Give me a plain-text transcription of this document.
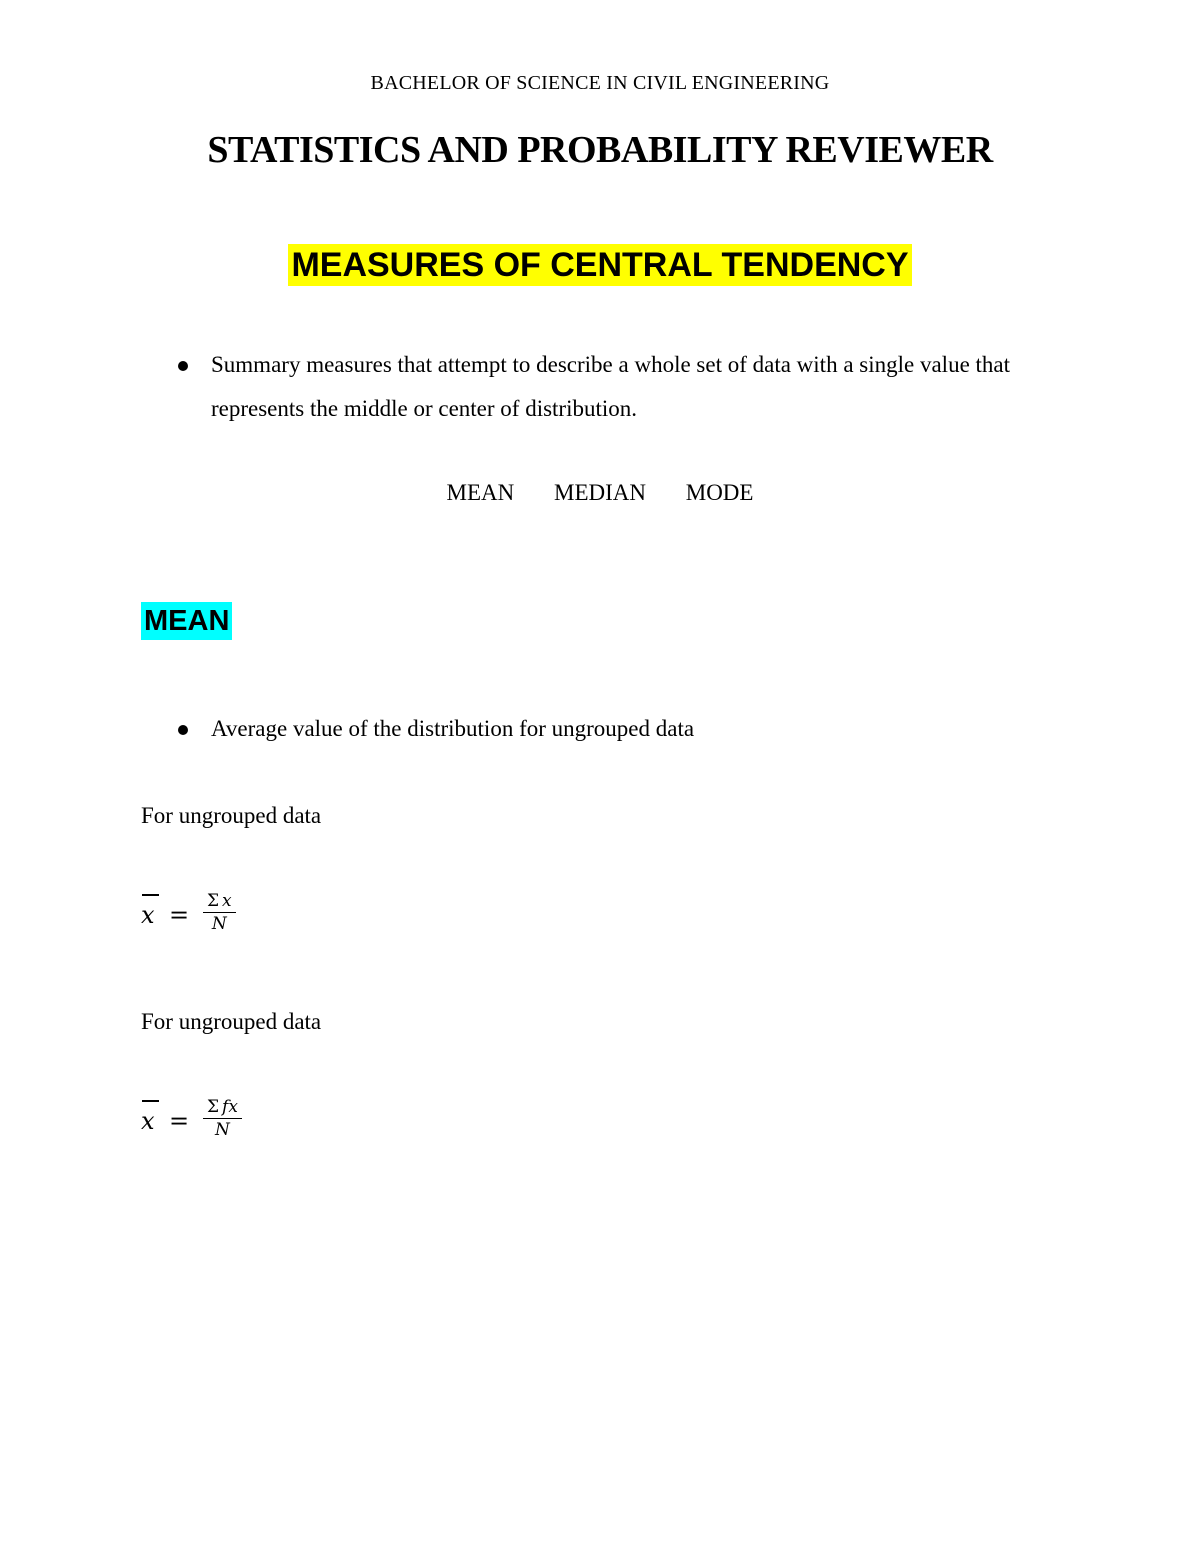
BACHELOR OF SCIENCE IN CIVIL ENGINEERING
STATISTICS AND PROBABILITY REVIEWER
MEASURES OF CENTRAL TENDENCY
Summary measures that attempt to describe a whole set of data with a single value that represents the middle or center of distribution.
MEAN MEDIAN MODE
MEAN
Average value of the distribution for ungrouped data
For ungrouped data
$x = \frac{\text{Σ x}}{N}$
For ungrouped data
x = Σ fx
N
